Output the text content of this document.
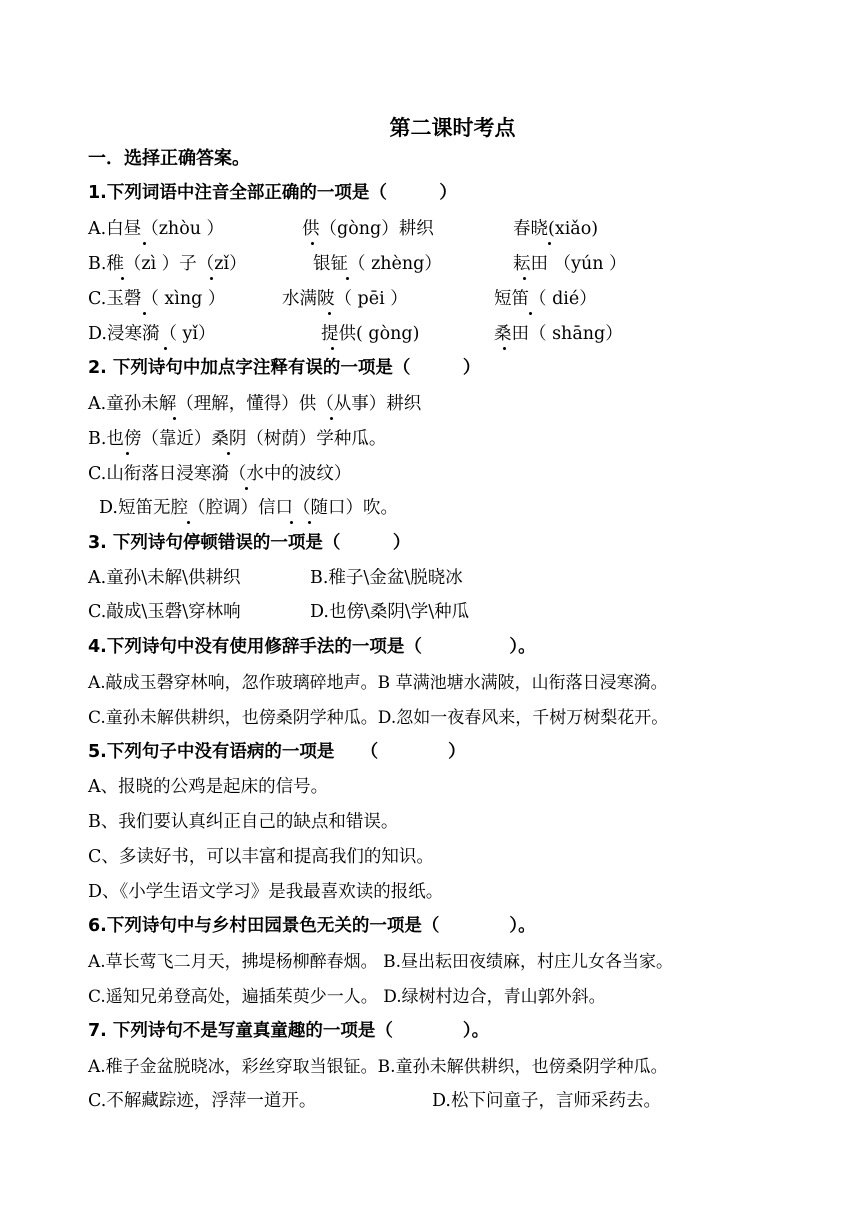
第二课时考点
一．选择正确答案。
1.下列词语中注音全部正确的一项是（　　　）
A.白昼（zhòu ）	供（gòng）耕织	春晓(xiǎo)
B.稚（zì ）子（zǐ）	银钲（ zhèng）	耘田 （yún ）
C.玉磬（ xìng ）	水满陂（ pēi ）	短笛（ dié）
D.浸寒漪（ yǐ）	提供( gòng)	桑田（ shāng）
2. 下列诗句中加点字注释有误的一项是（　　　）
A.童孙未解（理解，懂得）供（从事）耕织
B.也傍（靠近）桑阴（树荫）学种瓜。
C.山衔落日浸寒漪（水中的波纹）
D.短笛无腔（腔调）信口（随口）吹。
3. 下列诗句停顿错误的一项是（　　　）
A.童孙\未解\供耕织	B.稚子\金盆\脱晓冰
C.敲成\玉磬\穿林响	D.也傍\桑阴\学\种瓜
4.下列诗句中没有使用修辞手法的一项是（　　　　　）。
A.敲成玉磬穿林响，忽作玻璃碎地声。B 草满池塘水满陂，山衔落日浸寒漪。
C.童孙未解供耕织，也傍桑阴学种瓜。D.忽如一夜春风来，千树万树梨花开。
5.下列句子中没有语病的一项是　　（　　　　）
A、报晓的公鸡是起床的信号。
B、我们要认真纠正自己的缺点和错误。
C、多读好书，可以丰富和提高我们的知识。
D、《小学生语文学习》是我最喜欢读的报纸。
6.下列诗句中与乡村田园景色无关的一项是（　　　　）。
A.草长莺飞二月天，拂堤杨柳醉春烟。 B.昼出耘田夜绩麻，村庄儿女各当家。
C.遥知兄弟登高处，遍插茱萸少一人。 D.绿树村边合，青山郭外斜。
7. 下列诗句不是写童真童趣的一项是（　　　　）。
A.稚子金盆脱晓冰，彩丝穿取当银钲。B.童孙未解供耕织，也傍桑阴学种瓜。
C.不解藏踪迹，浮萍一道开。	D.松下问童子，言师采药去。
